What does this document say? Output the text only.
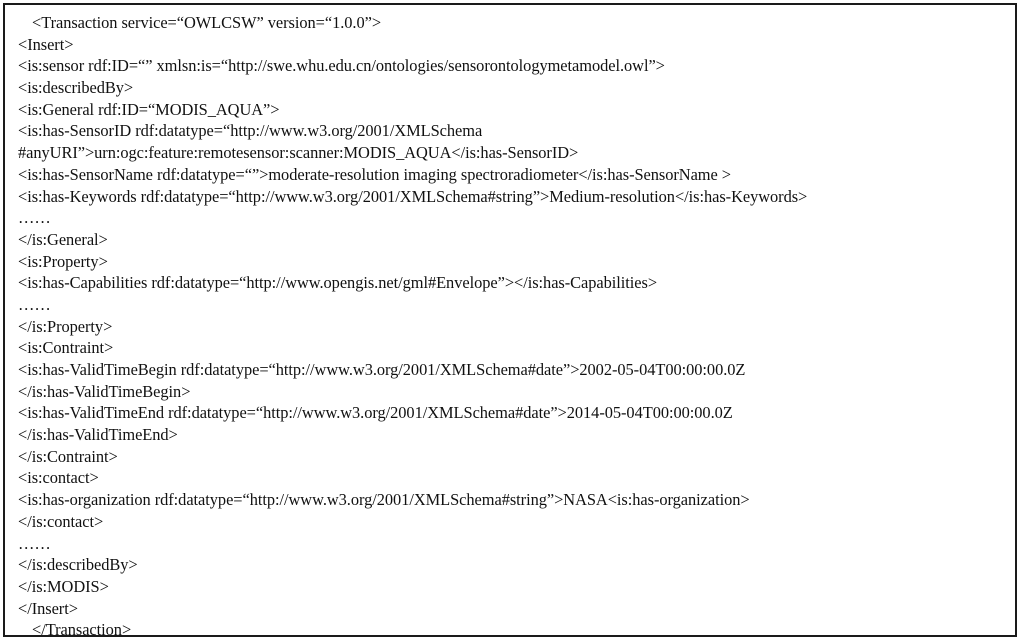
<Transaction service=“OWLCSW” version=“1.0.0”>
<Insert>
<is:sensor rdf:ID=“” xmlsn:is=“http://swe.whu.edu.cn/ontologies/sensorontologymetamodel.owl”>
<is:describedBy>
<is:General rdf:ID=“MODIS_AQUA”>
<is:has-SensorID rdf:datatype=“http://www.w3.org/2001/XMLSchema
#anyURI”>urn:ogc:feature:remotesensor:scanner:MODIS_AQUA</is:has-SensorID>
<is:has-SensorName rdf:datatype=“”>moderate-resolution imaging spectroradiometer</is:has-SensorName >
<is:has-Keywords rdf:datatype=“http://www.w3.org/2001/XMLSchema#string”>Medium-resolution</is:has-Keywords>
……
</is:General>
<is:Property>
<is:has-Capabilities rdf:datatype=“http://www.opengis.net/gml#Envelope”></is:has-Capabilities>
……
</is:Property>
<is:Contraint>
<is:has-ValidTimeBegin rdf:datatype=“http://www.w3.org/2001/XMLSchema#date”>2002-05-04T00:00:00.0Z
</is:has-ValidTimeBegin>
<is:has-ValidTimeEnd rdf:datatype=“http://www.w3.org/2001/XMLSchema#date”>2014-05-04T00:00:00.0Z
</is:has-ValidTimeEnd>
</is:Contraint>
<is:contact>
<is:has-organization rdf:datatype=“http://www.w3.org/2001/XMLSchema#string”>NASA<is:has-organization>
</is:contact>
……
</is:describedBy>
</is:MODIS>
</Insert>
</Transaction>
